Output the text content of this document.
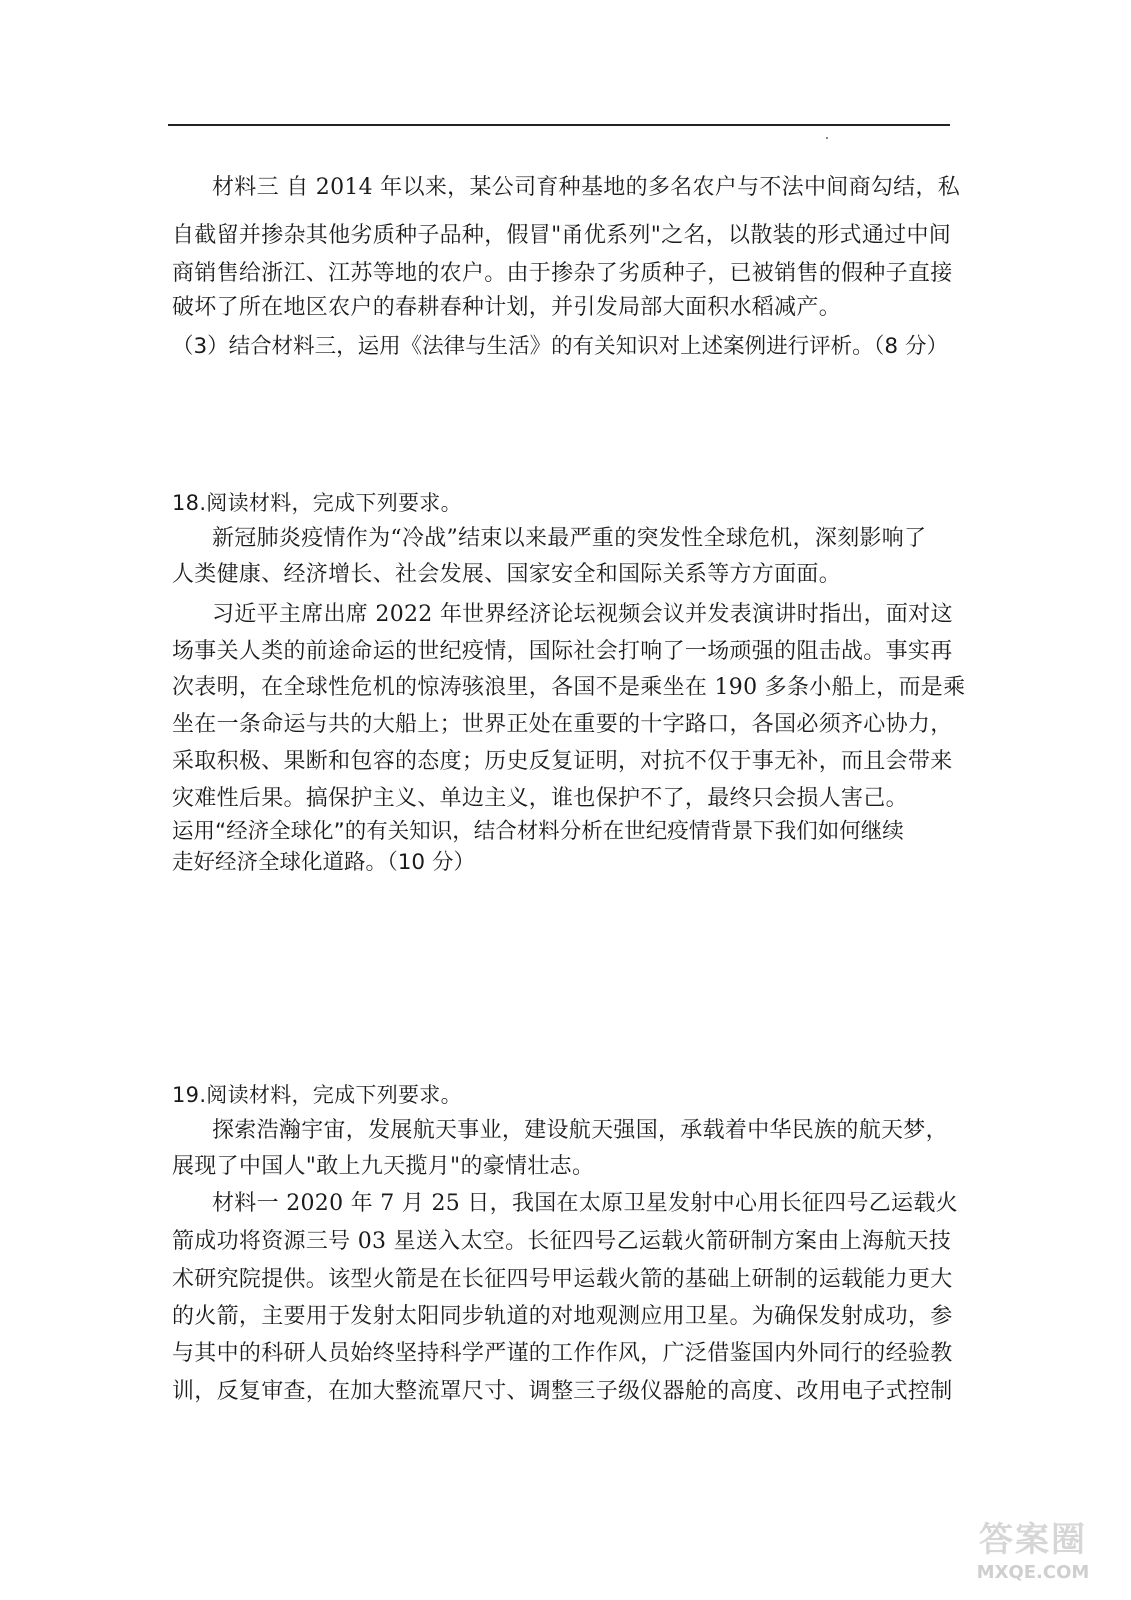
材料三 自 2014 年以来，某公司育种基地的多名农户与不法中间商勾结，私
自截留并掺杂其他劣质种子品种，假冒"甬优系列"之名，以散装的形式通过中间
商销售给浙江、江苏等地的农户。由于掺杂了劣质种子，已被销售的假种子直接
破坏了所在地区农户的春耕春种计划，并引发局部大面积水稻减产。
（3）结合材料三，运用《法律与生活》的有关知识对上述案例进行评析。（8 分）
18.阅读材料，完成下列要求。
新冠肺炎疫情作为“冷战”结束以来最严重的突发性全球危机，深刻影响了
人类健康、经济增长、社会发展、国家安全和国际关系等方方面面。
习近平主席出席 2022 年世界经济论坛视频会议并发表演讲时指出，面对这
场事关人类的前途命运的世纪疫情，国际社会打响了一场顽强的阻击战。事实再
次表明，在全球性危机的惊涛骇浪里，各国不是乘坐在 190 多条小船上，而是乘
坐在一条命运与共的大船上；世界正处在重要的十字路口，各国必须齐心协力，
采取积极、果断和包容的态度；历史反复证明，对抗不仅于事无补，而且会带来
灾难性后果。搞保护主义、单边主义，谁也保护不了，最终只会损人害己。
运用“经济全球化”的有关知识，结合材料分析在世纪疫情背景下我们如何继续
走好经济全球化道路。（10 分）
19.阅读材料，完成下列要求。
探索浩瀚宇宙，发展航天事业，建设航天强国，承载着中华民族的航天梦，
展现了中国人"敢上九天揽月"的豪情壮志。
材料一 2020 年 7 月 25 日，我国在太原卫星发射中心用长征四号乙运载火
箭成功将资源三号 03 星送入太空。长征四号乙运载火箭研制方案由上海航天技
术研究院提供。该型火箭是在长征四号甲运载火箭的基础上研制的运载能力更大
的火箭，主要用于发射太阳同步轨道的对地观测应用卫星。为确保发射成功，参
与其中的科研人员始终坚持科学严谨的工作作风，广泛借鉴国内外同行的经验教
训，反复审查，在加大整流罩尺寸、调整三子级仪器舱的高度、改用电子式控制
答案圈
MXQE.COM
